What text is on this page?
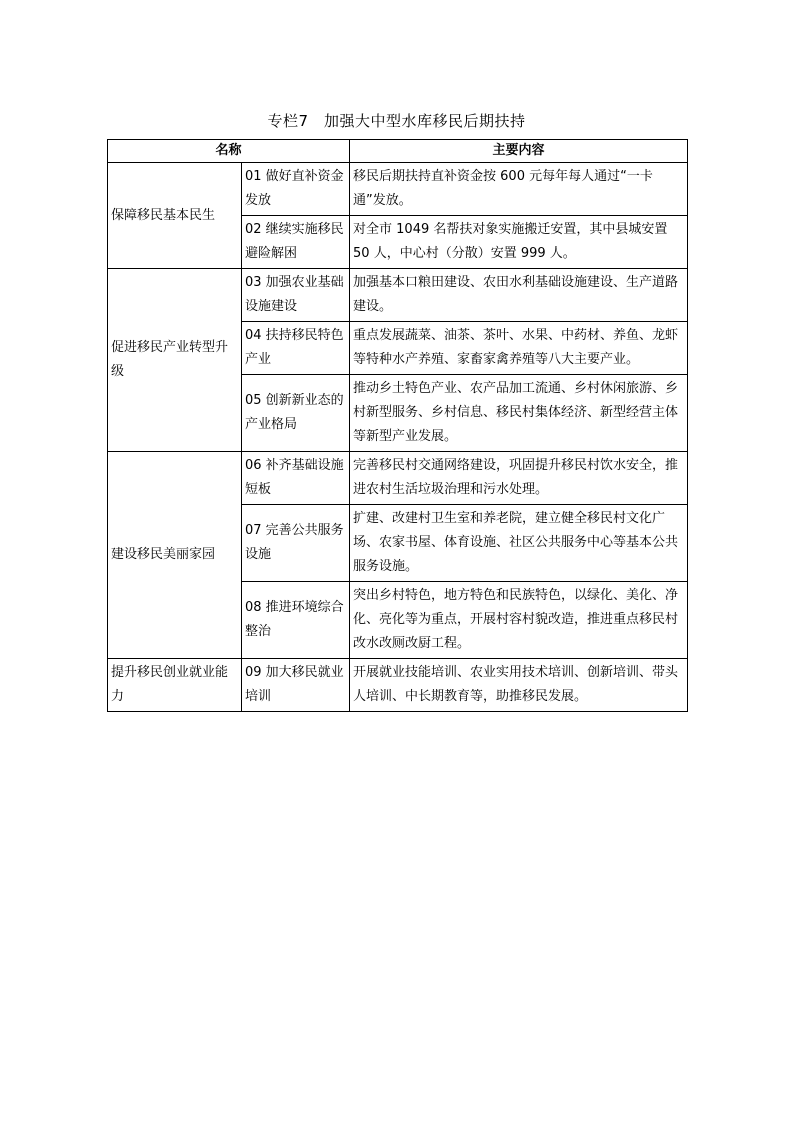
专栏7　加强大中型水库移民后期扶持
名称		主要内容
保障移民基本民生	01 做好直补资金发放	移民后期扶持直补资金按 600 元每年每人通过“一卡通”发放。
	02 继续实施移民避险解困	对全市 1049 名帮扶对象实施搬迁安置，其中县城安置 50 人，中心村（分散）安置 999 人。
促进移民产业转型升级	03 加强农业基础设施建设	加强基本口粮田建设、农田水利基础设施建设、生产道路建设。
	04 扶持移民特色产业	重点发展蔬菜、油茶、茶叶、水果、中药材、养鱼、龙虾等特种水产养殖、家畜家禽养殖等八大主要产业。
	05 创新新业态的产业格局	推动乡土特色产业、农产品加工流通、乡村休闲旅游、乡村新型服务、乡村信息、移民村集体经济、新型经营主体等新型产业发展。
建设移民美丽家园	06 补齐基础设施短板	完善移民村交通网络建设，巩固提升移民村饮水安全，推进农村生活垃圾治理和污水处理。
	07 完善公共服务设施	扩建、改建村卫生室和养老院，建立健全移民村文化广场、农家书屋、体育设施、社区公共服务中心等基本公共服务设施。
	08 推进环境综合整治	突出乡村特色，地方特色和民族特色，以绿化、美化、净化、亮化等为重点，开展村容村貌改造，推进重点移民村改水改厕改厨工程。
提升移民创业就业能力	09 加大移民就业培训	开展就业技能培训、农业实用技术培训、创新培训、带头人培训、中长期教育等，助推移民发展。
